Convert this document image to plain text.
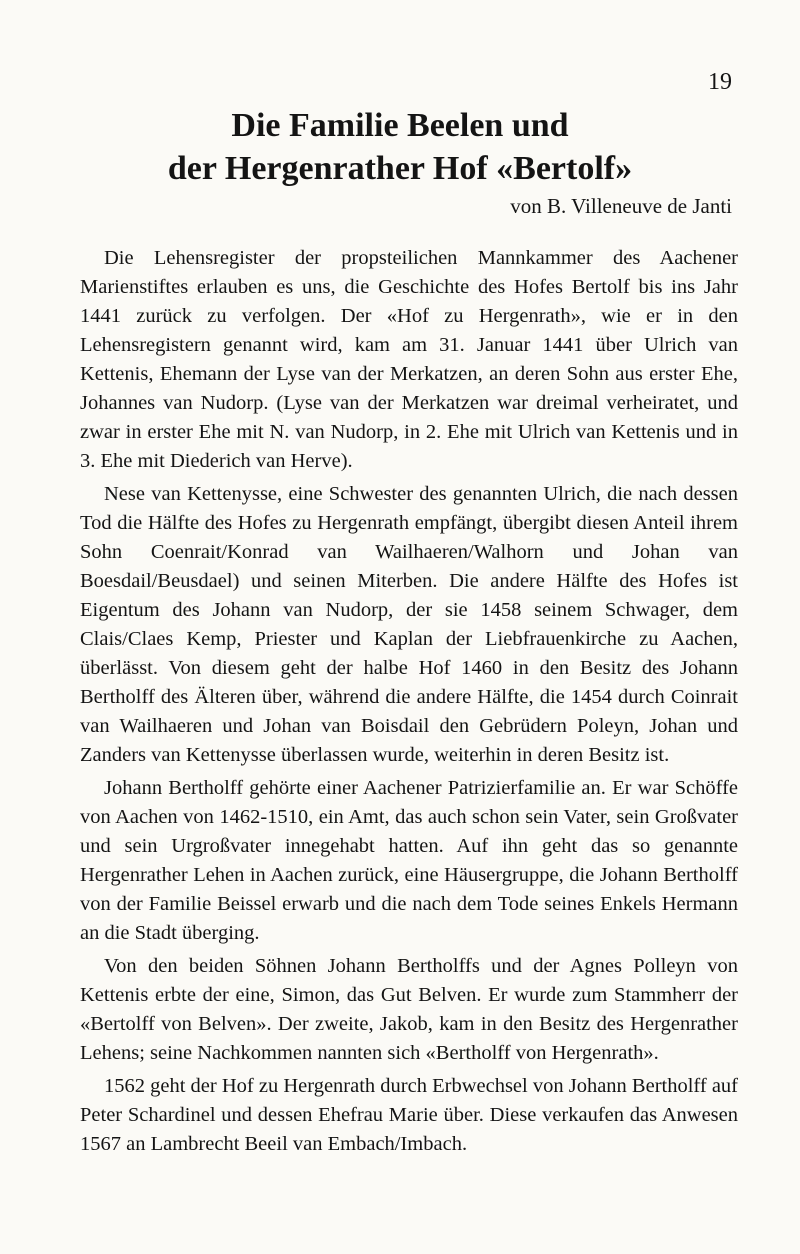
19
Die Familie Beelen und
der Hergenrather Hof «Bertolf»
von B. Villeneuve de Janti

Die Lehensregister der propsteilichen Mannkammer des Aachener Marienstiftes erlauben es uns, die Geschichte des Hofes Bertolf bis ins Jahr 1441 zurück zu verfolgen. Der «Hof zu Hergenrath», wie er in den Lehensregistern genannt wird, kam am 31. Januar 1441 über Ulrich van Kettenis, Ehemann der Lyse van der Merkatzen, an deren Sohn aus erster Ehe, Johannes van Nudorp. (Lyse van der Merkatzen war dreimal verheiratet, und zwar in erster Ehe mit N. van Nudorp, in 2. Ehe mit Ulrich van Kettenis und in 3. Ehe mit Diederich van Herve).

Nese van Kettenysse, eine Schwester des genannten Ulrich, die nach dessen Tod die Hälfte des Hofes zu Hergenrath empfängt, übergibt diesen Anteil ihrem Sohn Coenrait/Konrad van Wailhaeren/Walhorn und Johan van Boesdail/Beusdael) und seinen Miterben. Die andere Hälfte des Hofes ist Eigentum des Johann van Nudorp, der sie 1458 seinem Schwager, dem Clais/Claes Kemp, Priester und Kaplan der Liebfrauenkirche zu Aachen, überlässt. Von diesem geht der halbe Hof 1460 in den Besitz des Johann Bertholff des Älteren über, während die andere Hälfte, die 1454 durch Coinrait van Wailhaeren und Johan van Boisdail den Gebrüdern Poleyn, Johan und Zanders van Kettenysse überlassen wurde, weiterhin in deren Besitz ist.

Johann Bertholff gehörte einer Aachener Patrizierfamilie an. Er war Schöffe von Aachen von 1462-1510, ein Amt, das auch schon sein Vater, sein Großvater und sein Urgroßvater innegehabt hatten. Auf ihn geht das so genannte Hergenrather Lehen in Aachen zurück, eine Häusergruppe, die Johann Bertholff von der Familie Beissel erwarb und die nach dem Tode seines Enkels Hermann an die Stadt überging.

Von den beiden Söhnen Johann Bertholffs und der Agnes Polleyn von Kettenis erbte der eine, Simon, das Gut Belven. Er wurde zum Stammherr der «Bertolff von Belven». Der zweite, Jakob, kam in den Besitz des Hergenrather Lehens; seine Nachkommen nannten sich «Bertholff von Hergenrath».

1562 geht der Hof zu Hergenrath durch Erbwechsel von Johann Bertholff auf Peter Schardinel und dessen Ehefrau Marie über. Diese verkaufen das Anwesen 1567 an Lambrecht Beeil van Embach/Imbach.
